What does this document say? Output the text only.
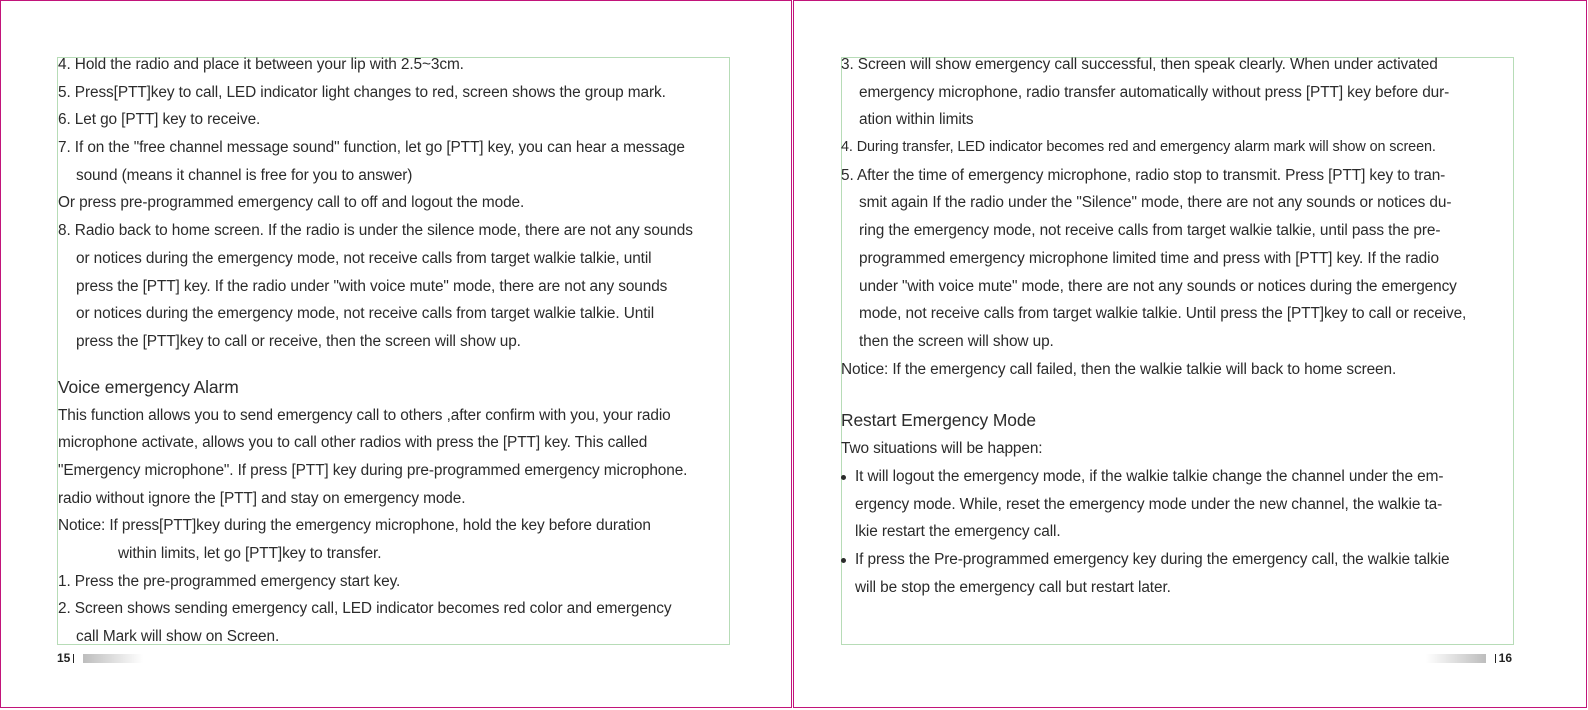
4. Hold the radio and place it between your lip with 2.5~3cm.
5. Press[PTT]key to call, LED indicator light changes to red, screen shows the group mark.
6. Let go [PTT] key to receive.
7. If on the "free channel message sound" function, let go [PTT] key, you can hear a message
sound (means it channel is free for you to answer)
Or press pre-programmed emergency call to off and logout the mode.
8. Radio back to home screen. If the radio is under the silence mode, there are not any sounds
or notices during the emergency mode, not receive calls from target walkie talkie, until
press the [PTT] key. If the radio under "with voice mute" mode, there are not any sounds
or notices during the emergency mode, not receive calls from target walkie talkie. Until
press the [PTT]key to call or receive, then the screen will show up.
Voice emergency Alarm
This function allows you to send emergency call to others ,after confirm with you, your radio
microphone activate, allows you to call other radios with press the [PTT] key. This called
"Emergency microphone". If press [PTT] key during pre-programmed emergency microphone.
radio without ignore the [PTT] and stay on emergency mode.
Notice: If press[PTT]key during the emergency microphone, hold the key before duration
within limits, let go [PTT]key to transfer.
1. Press the pre-programmed emergency start key.
2. Screen shows sending emergency call, LED indicator becomes red color and emergency
call Mark will show on Screen.
15
3. Screen will show emergency call successful, then speak clearly. When under activated
emergency microphone, radio transfer automatically without press [PTT] key before dur-
ation within limits
4. During transfer, LED indicator becomes red and emergency alarm mark will show on screen.
5. After the time of emergency microphone, radio stop to transmit. Press [PTT] key to tran-
smit again If the radio under the "Silence" mode, there are not any sounds or notices du-
ring the emergency mode, not receive calls from target walkie talkie, until pass the pre-
programmed emergency microphone limited time and press with [PTT] key. If the radio
under "with voice mute" mode, there are not any sounds or notices during the emergency
mode, not receive calls from target walkie talkie. Until press the [PTT]key to call or receive,
then the screen will show up.
Notice: If the emergency call failed, then the walkie talkie will back to home screen.
Restart Emergency Mode
Two situations will be happen:
It will logout the emergency mode, if the walkie talkie change the channel under the em-
ergency mode. While, reset the emergency mode under the new channel, the walkie ta-
lkie restart the emergency call.
If press the Pre-programmed emergency key during the emergency call, the walkie talkie
will be stop the emergency call but restart later.
16
